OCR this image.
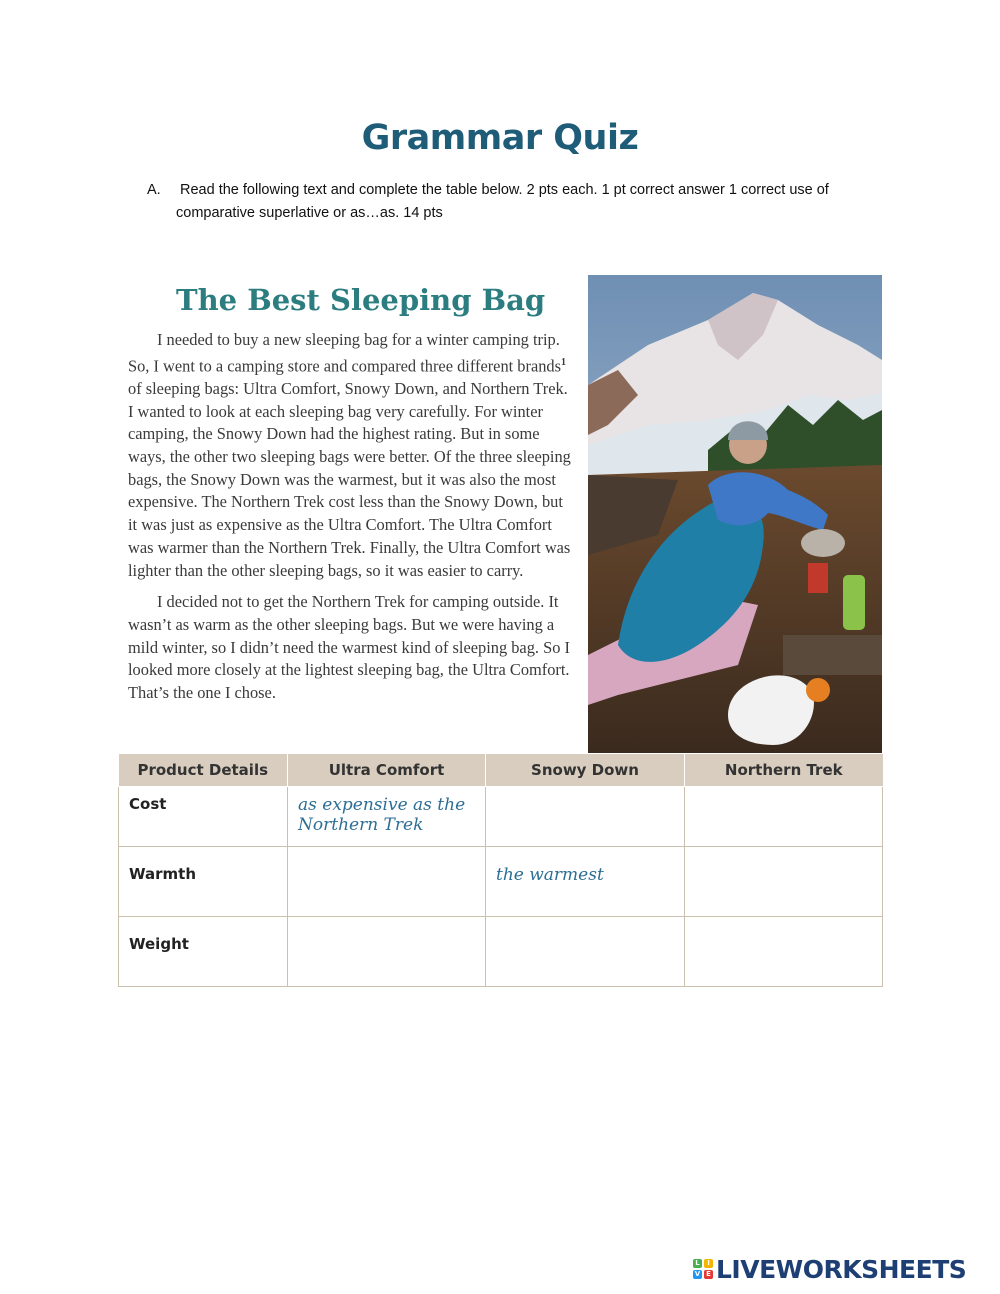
Grammar Quiz
A. Read the following text and complete the table below. 2 pts each. 1 pt correct answer 1 correct use of
comparative superlative or as…as. 14 pts
The Best Sleeping Bag

I needed to buy a new sleeping bag for a winter camping trip. So, I went to a camping store and compared three different brands$^1$ of sleeping bags: Ultra Comfort, Snowy Down, and Northern Trek. I wanted to look at each sleeping bag very carefully. For winter camping, the Snowy Down had the highest rating. But in some ways, the other two sleeping bags were better. Of the three sleeping bags, the Snowy Down was the warmest, but it was also the most expensive. The Northern Trek cost less than the Snowy Down, but it was just as expensive as the Ultra Comfort. The Ultra Comfort was warmer than the Northern Trek. Finally, the Ultra Comfort was lighter than the other sleeping bags, so it was easier to carry.

I decided not to get the Northern Trek for camping outside. It wasn’t as warm as the other sleeping bags. But we were having a mild winter, so I didn’t need the warmest kind of sleeping bag. So I looked more closely at the lightest sleeping bag, the Ultra Comfort. That’s the one I chose.

Product Details	Ultra Comfort	Snowy Down	Northern Trek
Cost	as expensive as the Northern Trek		

Warmth		the warmest	

Weight	

L	I
V E LIVEWORKSHEETS
